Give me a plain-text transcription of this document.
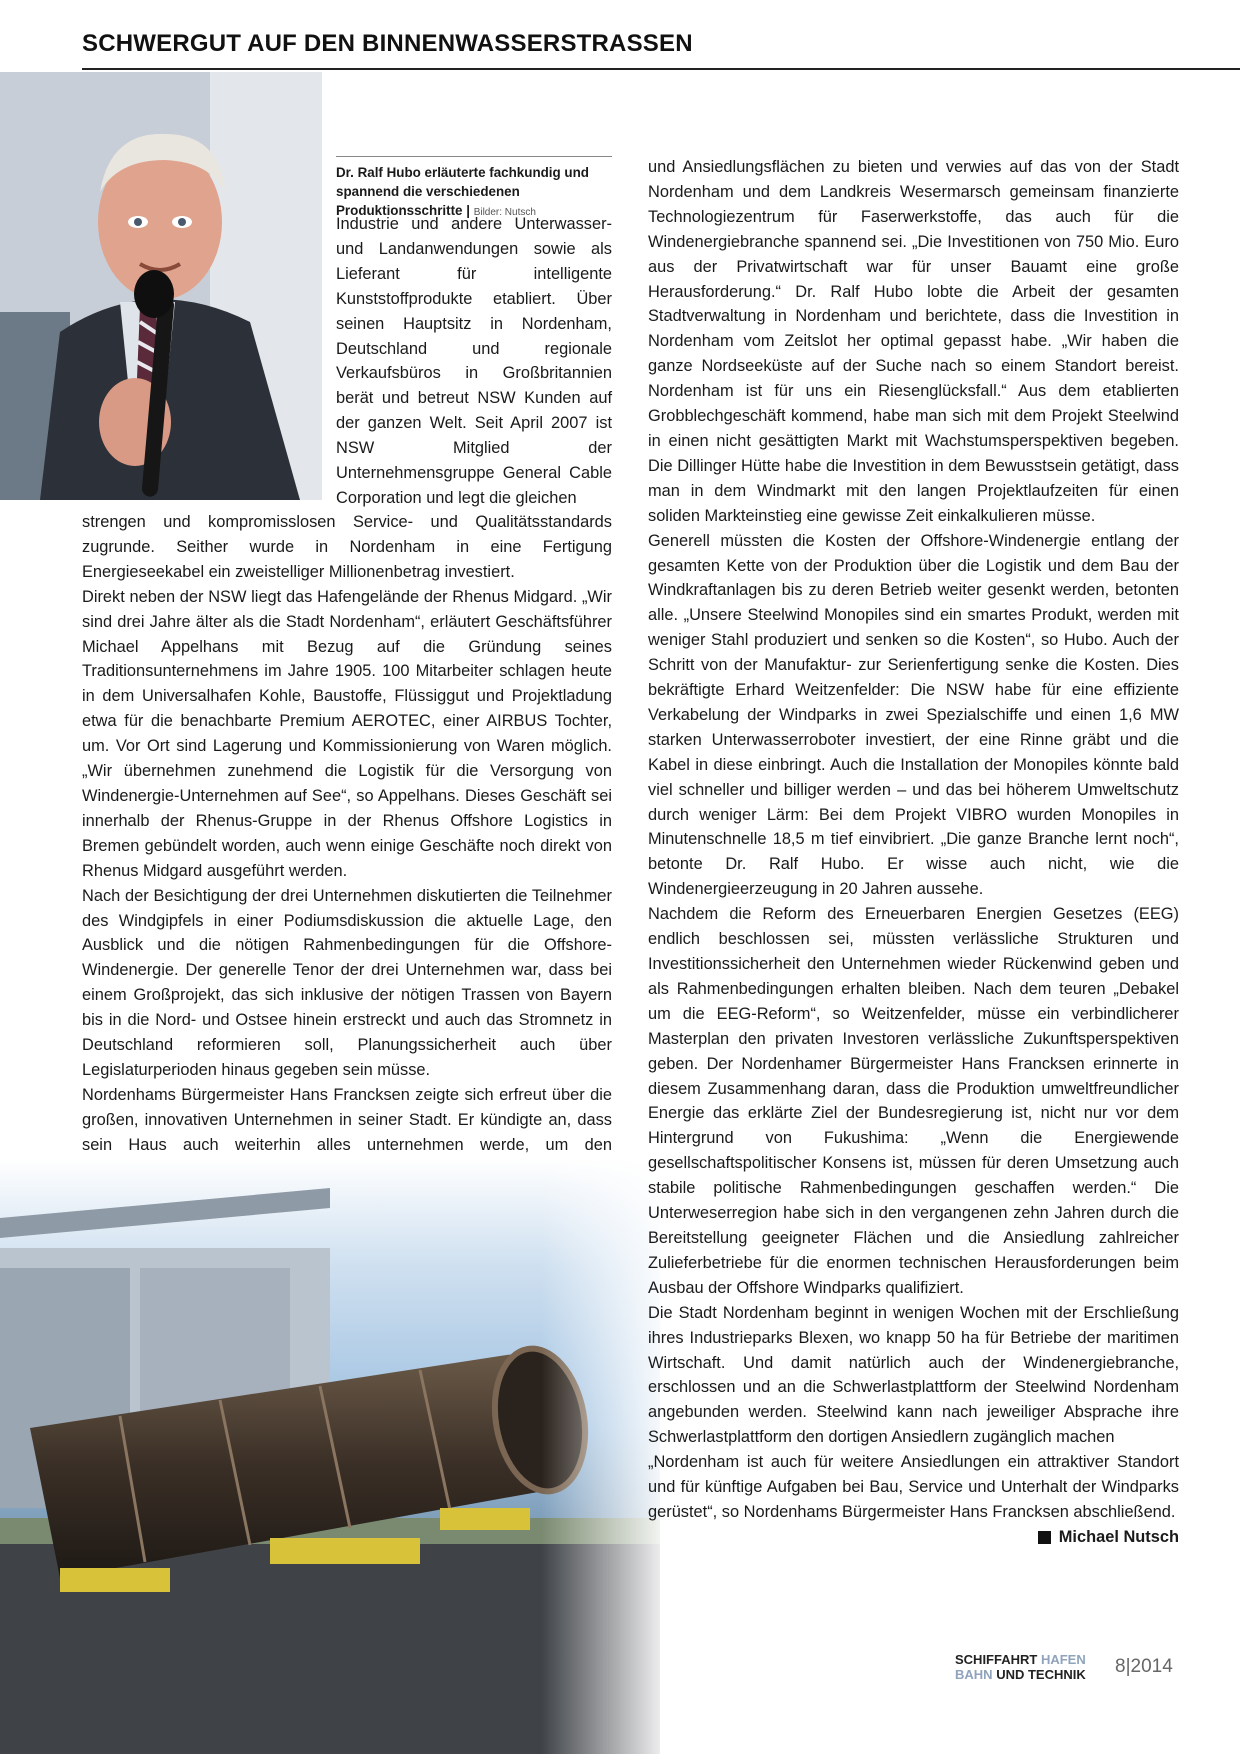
SCHWERGUT AUF DEN BINNENWASSERSTRASSEN
Dr. Ralf Hubo erläuterte fachkundig und spannend die verschiedenen Produktionsschritte | Bilder: Nutsch

Industrie und andere Unterwasser- und Landanwendungen sowie als Lieferant für intelligente Kunststoffprodukte etabliert. Über seinen Hauptsitz in Nordenham, Deutschland und regionale Verkaufsbüros in Großbritannien berät und betreut NSW Kunden auf der ganzen Welt. Seit April 2007 ist NSW Mitglied der Unternehmensgruppe General Cable Corporation und legt die gleichen

strengen und kompromisslosen Service- und Qualitätsstandards zugrunde. Seither wurde in Nordenham in eine Fertigung Energieseekabel ein zweistelliger Millionenbetrag investiert.

Direkt neben der NSW liegt das Hafengelände der Rhenus Midgard. „Wir sind drei Jahre älter als die Stadt Nordenham“, erläutert Geschäftsführer Michael Appelhans mit Bezug auf die Gründung seines Traditionsunternehmens im Jahre 1905. 100 Mitarbeiter schlagen heute in dem Universalhafen Kohle, Baustoffe, Flüssiggut und Projektladung etwa für die benachbarte Premium AEROTEC, einer AIRBUS Tochter, um. Vor Ort sind Lagerung und Kommissionierung von Waren möglich. „Wir übernehmen zunehmend die Logistik für die Versorgung von Windenergie-Unternehmen auf See“, so Appelhans. Dieses Geschäft sei innerhalb der Rhenus-Gruppe in der Rhenus Offshore Logistics in Bremen gebündelt worden, auch wenn einige Geschäfte noch direkt von Rhenus Midgard ausgeführt werden.

Nach der Besichtigung der drei Unternehmen diskutierten die Teilnehmer des Windgipfels in einer Podiumsdiskussion die aktuelle Lage, den Ausblick und die nötigen Rahmenbedingungen für die Offshore-Windenergie. Der generelle Tenor der drei Unternehmen war, dass bei einem Großprojekt, das sich inklusive der nötigen Trassen von Bayern bis in die Nord- und Ostsee hinein erstreckt und auch das Stromnetz in Deutschland reformieren soll, Planungssicherheit auch über Legislaturperioden hinaus gegeben sein müsse.

Nordenhams Bürgermeister Hans Francksen zeigte sich erfreut über die großen, innovativen Unternehmen in seiner Stadt. Er kündigte an, dass sein Haus auch weiterhin alles unternehmen werde, um den

und Ansiedlungsflächen zu bieten und verwies auf das von der Stadt Nordenham und dem Landkreis Wesermarsch gemeinsam finanzierte Technologiezentrum für Faserwerkstoffe, das auch für die Windenergiebranche spannend sei. „Die Investitionen von 750 Mio. Euro aus der Privatwirtschaft war für unser Bauamt eine große Herausforderung.“ Dr. Ralf Hubo lobte die Arbeit der gesamten Stadtverwaltung in Nordenham und berichtete, dass die Investition in Nordenham vom Zeitslot her optimal gepasst habe. „Wir haben die ganze Nordseeküste auf der Suche nach so einem Standort bereist. Nordenham ist für uns ein Riesenglücksfall.“ Aus dem etablierten Grobblechgeschäft kommend, habe man sich mit dem Projekt Steelwind in einen nicht gesättigten Markt mit Wachstumsperspektiven begeben. Die Dillinger Hütte habe die Investition in dem Bewusstsein getätigt, dass man in dem Windmarkt mit den langen Projektlaufzeiten für einen soliden Markteinstieg eine gewisse Zeit einkalkulieren müsse.

Generell müssten die Kosten der Offshore-Windenergie entlang der gesamten Kette von der Produktion über die Logistik und dem Bau der Windkraftanlagen bis zu deren Betrieb weiter gesenkt werden, betonten alle. „Unsere Steelwind Monopiles sind ein smartes Produkt, werden mit weniger Stahl produziert und senken so die Kosten“, so Hubo. Auch der Schritt von der Manufaktur- zur Serienfertigung senke die Kosten. Dies bekräftigte Erhard Weitzenfelder: Die NSW habe für eine effiziente Verkabelung der Windparks in zwei Spezialschiffe und einen 1,6 MW starken Unterwasserroboter investiert, der eine Rinne gräbt und die Kabel in diese einbringt. Auch die Installation der Monopiles könnte bald viel schneller und billiger werden – und das bei höherem Umweltschutz durch weniger Lärm: Bei dem Projekt VIBRO wurden Monopiles in Minutenschnelle 18,5 m tief einvibriert. „Die ganze Branche lernt noch“, betonte Dr. Ralf Hubo. Er wisse auch nicht, wie die Windenergieerzeugung in 20 Jahren aussehe.

Nachdem die Reform des Erneuerbaren Energien Gesetzes (EEG) endlich beschlossen sei, müssten verlässliche Strukturen und Investitionssicherheit den Unternehmen wieder Rückenwind geben und als Rahmenbedingungen erhalten bleiben. Nach dem teuren „Debakel um die EEG-Reform“, so Weitzenfelder, müsse ein verbindlicherer Masterplan den privaten Investoren verlässliche Zukunftsperspektiven geben. Der Nordenhamer Bürgermeister Hans Francksen erinnerte in diesem Zusammenhang daran, dass die Produktion umweltfreundlicher Energie das erklärte Ziel der Bundesregierung ist, nicht nur vor dem Hintergrund von Fukushima: „Wenn die Energiewende gesellschaftspolitischer Konsens ist, müssen für deren Umsetzung auch stabile politische Rahmenbedingungen geschaffen werden.“ Die Unterweserregion habe sich in den vergangenen zehn Jahren durch die Bereitstellung geeigneter Flächen und die Ansiedlung zahlreicher Zulieferbetriebe für die enormen technischen Herausforderungen beim Ausbau der Offshore Windparks qualifiziert.

Die Stadt Nordenham beginnt in wenigen Wochen mit der Erschließung ihres Industrieparks Blexen, wo knapp 50 ha für Betriebe der maritimen Wirtschaft. Und damit natürlich auch der Windenergiebranche, erschlossen und an die Schwerlastplattform der Steelwind Nordenham angebunden werden. Steelwind kann nach jeweiliger Absprache ihre Schwerlastplattform den dortigen Ansiedlern zugänglich machen

„Nordenham ist auch für weitere Ansiedlungen ein attraktiver Standort und für künftige Aufgaben bei Bau, Service und Unterhalt der Windparks gerüstet“, so Nordenhams Bürgermeister Hans Francksen abschließend.

Michael Nutsch

SCHIFFAHRT HAFEN
BAHN UND TECHNIK 8|2014
